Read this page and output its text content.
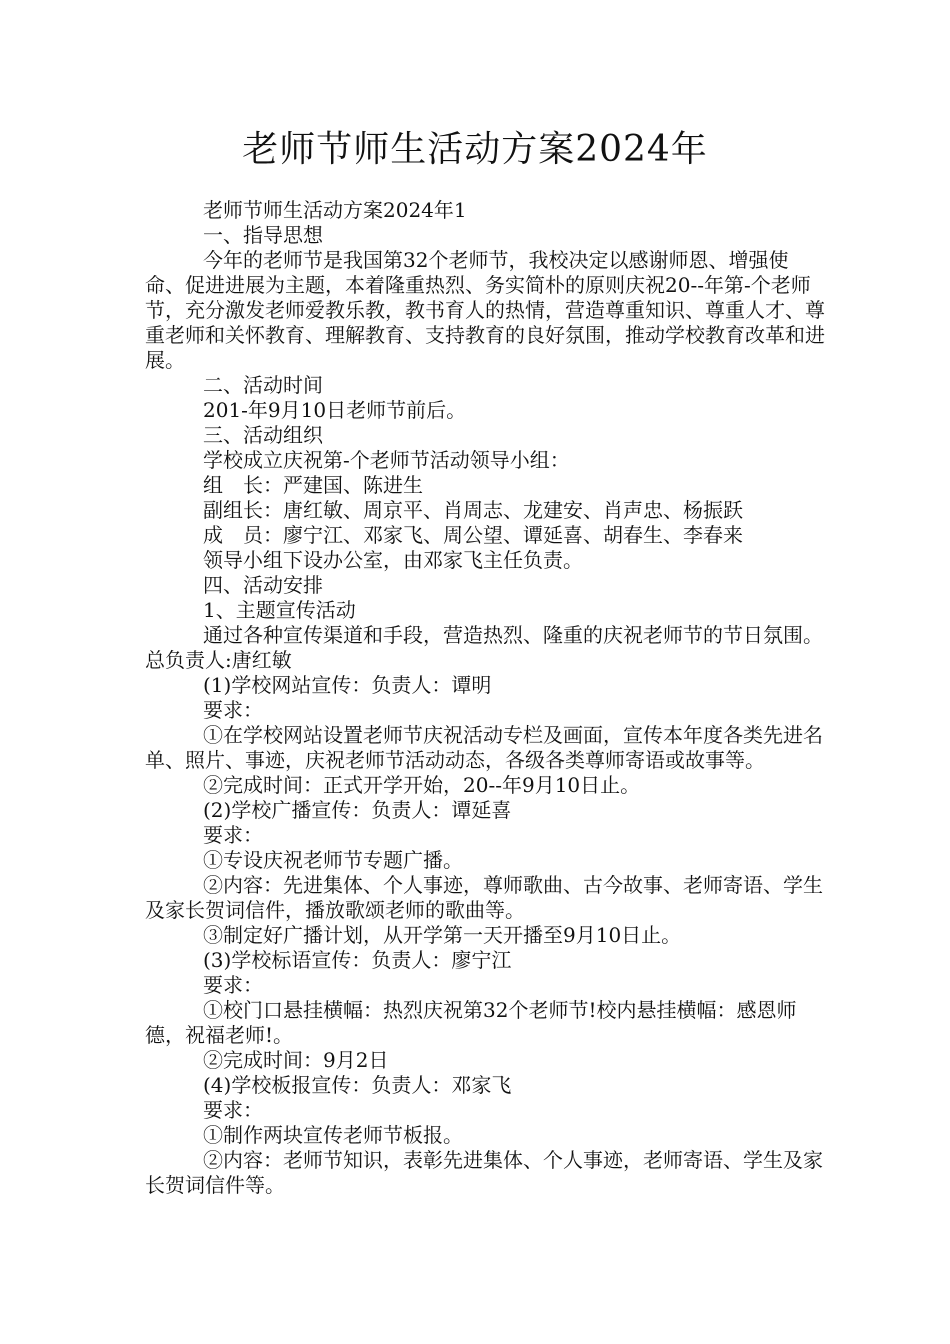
老师节师生活动方案2024年

老师节师生活动方案2024年1

一、指导思想

今年的老师节是我国第32个老师节，我校决定以感谢师恩、增强使命、促进进展为主题，本着隆重热烈、务实简朴的原则庆祝20--年第-个老师节，充分激发老师爱教乐教，教书育人的热情，营造尊重知识、尊重人才、尊重老师和关怀教育、理解教育、支持教育的良好氛围，推动学校教育改革和进展。

二、活动时间

201-年9月10日老师节前后。

三、活动组织

学校成立庆祝第-个老师节活动领导小组：

组　长：严建国、陈进生

副组长：唐红敏、周京平、肖周志、龙建安、肖声忠、杨振跃

成　员：廖宁江、邓家飞、周公望、谭延喜、胡春生、李春来

领导小组下设办公室，由邓家飞主任负责。

四、活动安排

1、主题宣传活动

通过各种宣传渠道和手段，营造热烈、隆重的庆祝老师节的节日氛围。总负责人:唐红敏

(1)学校网站宣传：负责人：谭明

要求：

①在学校网站设置老师节庆祝活动专栏及画面，宣传本年度各类先进名单、照片、事迹，庆祝老师节活动动态，各级各类尊师寄语或故事等。

②完成时间：正式开学开始，20--年9月10日止。

(2)学校广播宣传：负责人：谭延喜

要求：

①专设庆祝老师节专题广播。

②内容：先进集体、个人事迹，尊师歌曲、古今故事、老师寄语、学生及家长贺词信件，播放歌颂老师的歌曲等。

③制定好广播计划，从开学第一天开播至9月10日止。

(3)学校标语宣传：负责人：廖宁江

要求：

①校门口悬挂横幅：热烈庆祝第32个老师节!校内悬挂横幅：感恩师德，祝福老师!。

②完成时间：9月2日

(4)学校板报宣传：负责人：邓家飞

要求：

①制作两块宣传老师节板报。

②内容：老师节知识，表彰先进集体、个人事迹，老师寄语、学生及家长贺词信件等。
